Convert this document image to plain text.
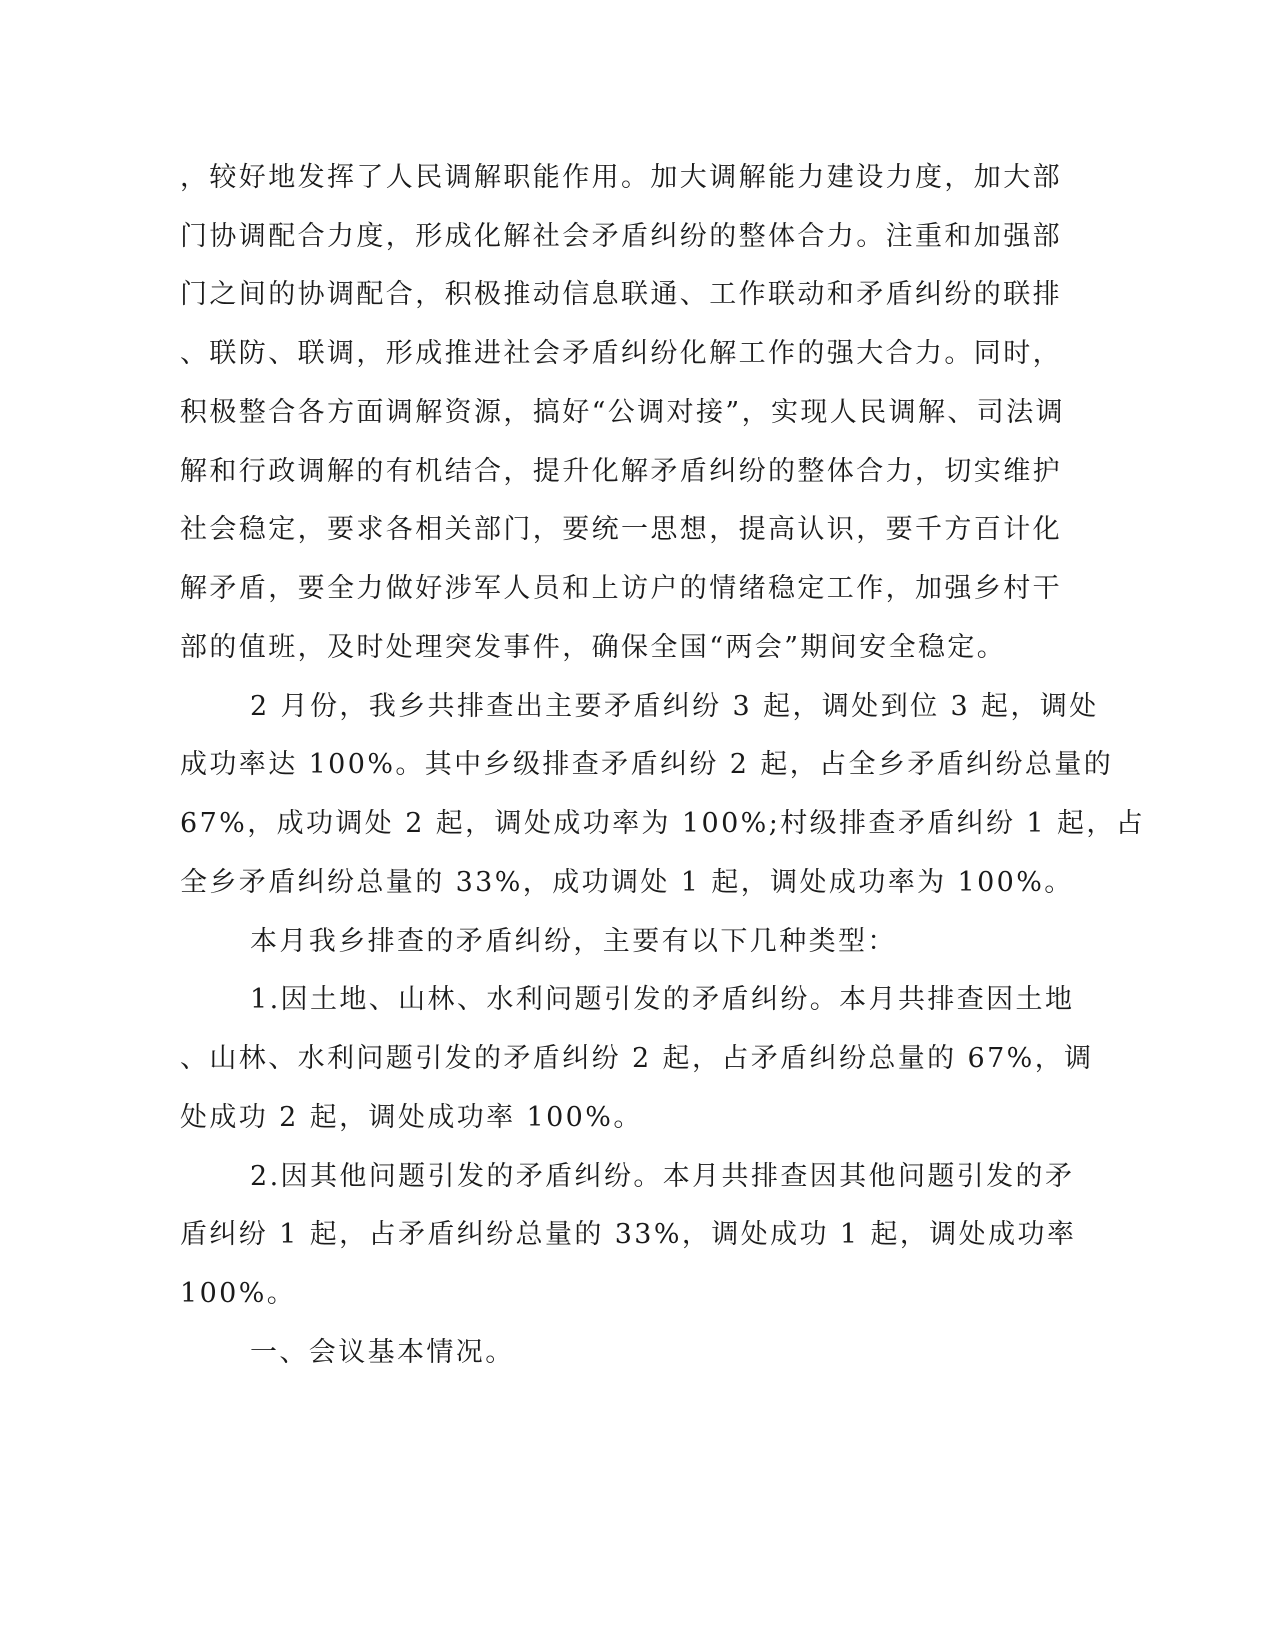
，较好地发挥了人民调解职能作用。加大调解能力建设力度，加大部
门协调配合力度，形成化解社会矛盾纠纷的整体合力。注重和加强部
门之间的协调配合，积极推动信息联通、工作联动和矛盾纠纷的联排
、联防、联调，形成推进社会矛盾纠纷化解工作的强大合力。同时，
积极整合各方面调解资源，搞好“公调对接”，实现人民调解、司法调
解和行政调解的有机结合，提升化解矛盾纠纷的整体合力，切实维护
社会稳定，要求各相关部门，要统一思想，提高认识，要千方百计化
解矛盾，要全力做好涉军人员和上访户的情绪稳定工作，加强乡村干
部的值班，及时处理突发事件，确保全国“两会”期间安全稳定。
2 月份，我乡共排查出主要矛盾纠纷 3 起，调处到位 3 起，调处
成功率达 100%。其中乡级排查矛盾纠纷 2 起，占全乡矛盾纠纷总量的
67%，成功调处 2 起，调处成功率为 100%;村级排查矛盾纠纷 1 起，占
全乡矛盾纠纷总量的 33%，成功调处 1 起，调处成功率为 100%。
本月我乡排查的矛盾纠纷，主要有以下几种类型：
1.因土地、山林、水利问题引发的矛盾纠纷。本月共排查因土地
、山林、水利问题引发的矛盾纠纷 2 起，占矛盾纠纷总量的 67%，调
处成功 2 起，调处成功率 100%。
2.因其他问题引发的矛盾纠纷。本月共排查因其他问题引发的矛
盾纠纷 1 起，占矛盾纠纷总量的 33%，调处成功 1 起，调处成功率
100%。
一、会议基本情况。
